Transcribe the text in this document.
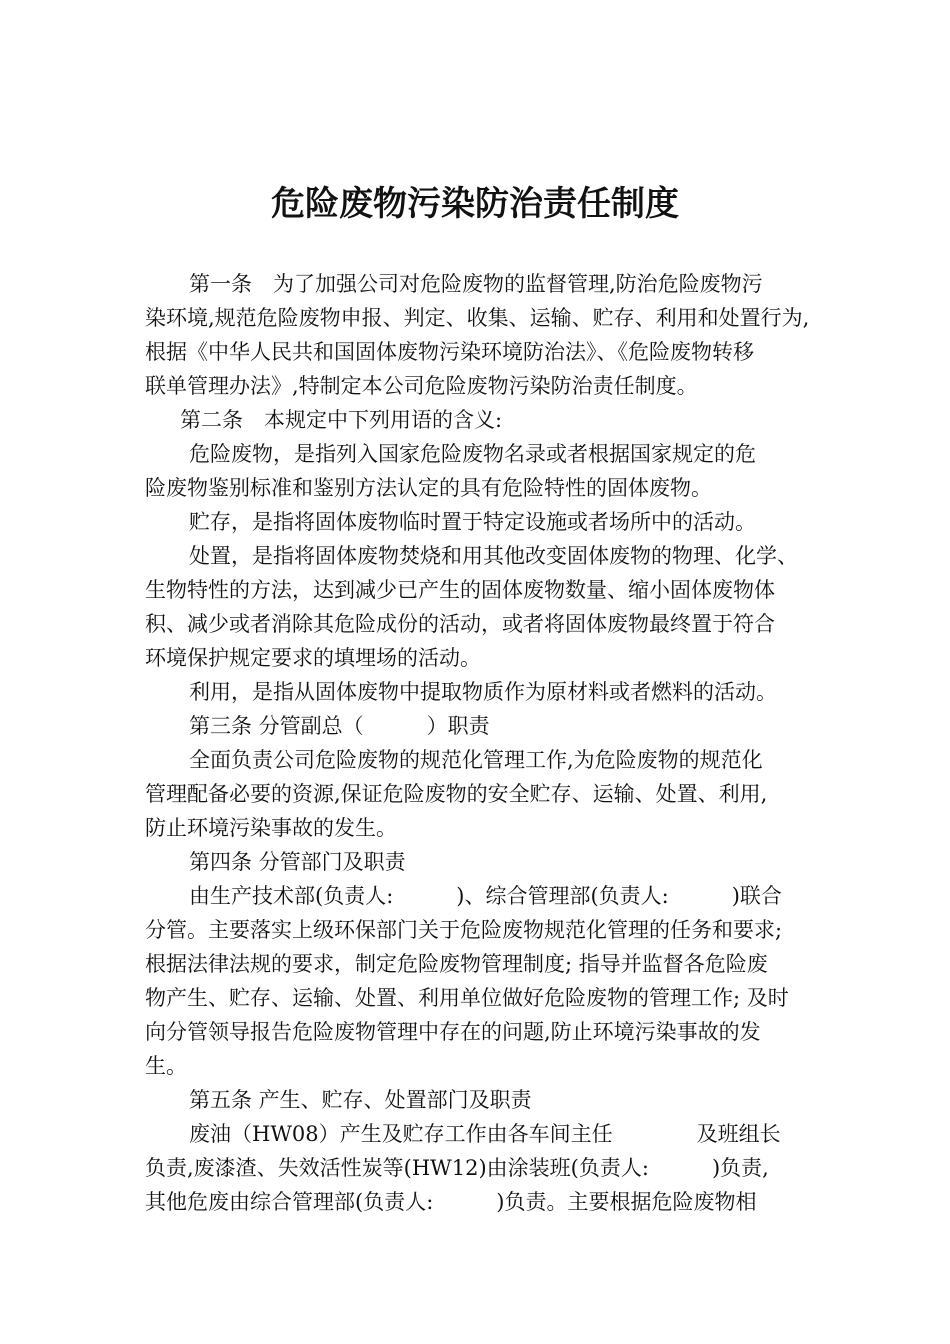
危险废物污染防治责任制度
第一条　为了加强公司对危险废物的监督管理,防治危险废物污
染环境,规范危险废物申报、判定、收集、运输、贮存、利用和处置行为,
根据《中华人民共和国固体废物污染环境防治法》、《危险废物转移
联单管理办法》,特制定本公司危险废物污染防治责任制度。
第二条　本规定中下列用语的含义:
危险废物，是指列入国家危险废物名录或者根据国家规定的危
险废物鉴别标准和鉴别方法认定的具有危险特性的固体废物。
贮存，是指将固体废物临时置于特定设施或者场所中的活动。
处置，是指将固体废物焚烧和用其他改变固体废物的物理、化学、
生物特性的方法，达到减少已产生的固体废物数量、缩小固体废物体
积、减少或者消除其危险成份的活动，或者将固体废物最终置于符合
环境保护规定要求的填埋场的活动。
利用，是指从固体废物中提取物质作为原材料或者燃料的活动。
第三条 分管副总（　　　）职责
全面负责公司危险废物的规范化管理工作,为危险废物的规范化
管理配备必要的资源,保证危险废物的安全贮存、运输、处置、利用,
防止环境污染事故的发生。
第四条 分管部门及职责
由生产技术部(负责人:　　　)、综合管理部(负责人:　　　)联合
分管。主要落实上级环保部门关于危险废物规范化管理的任务和要求;
根据法律法规的要求，制定危险废物管理制度; 指导并监督各危险废
物产生、贮存、运输、处置、利用单位做好危险废物的管理工作; 及时
向分管领导报告危险废物管理中存在的问题,防止环境污染事故的发
生。
第五条 产生、贮存、处置部门及职责
废油（HW08）产生及贮存工作由各车间主任　　　　及班组长
负责,废漆渣、失效活性炭等(HW12)由涂装班(负责人:　　　)负责,
其他危废由综合管理部(负责人:　　　)负责。主要根据危险废物相
